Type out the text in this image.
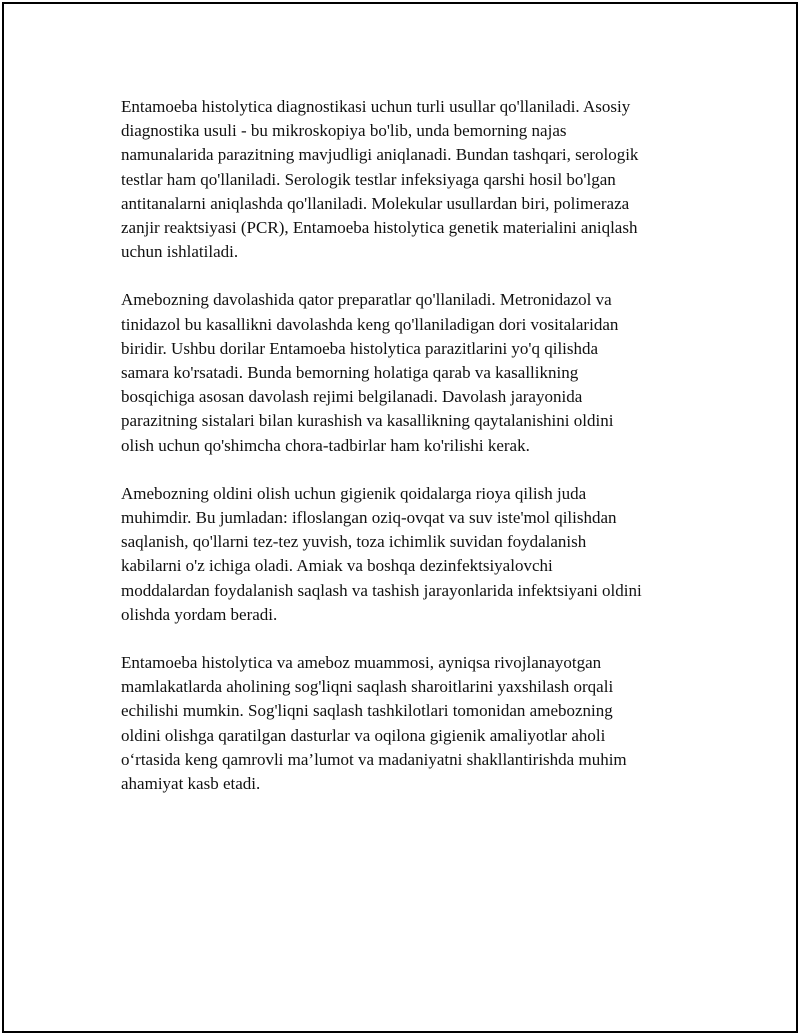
Entamoeba histolytica diagnostikasi uchun turli usullar qo'llaniladi. Asosiy
diagnostika usuli - bu mikroskopiya bo'lib, unda bemorning najas
namunalarida parazitning mavjudligi aniqlanadi. Bundan tashqari, serologik
testlar ham qo'llaniladi. Serologik testlar infeksiyaga qarshi hosil bo'lgan
antitanalarni aniqlashda qo'llaniladi. Molekular usullardan biri, polimeraza
zanjir reaktsiyasi (PCR), Entamoeba histolytica genetik materialini aniqlash
uchun ishlatiladi.

Amebozning davolashida qator preparatlar qo'llaniladi. Metronidazol va
tinidazol bu kasallikni davolashda keng qo'llaniladigan dori vositalaridan
biridir. Ushbu dorilar Entamoeba histolytica parazitlarini yo'q qilishda
samara ko'rsatadi. Bunda bemorning holatiga qarab va kasallikning
bosqichiga asosan davolash rejimi belgilanadi. Davolash jarayonida
parazitning sistalari bilan kurashish va kasallikning qaytalanishini oldini
olish uchun qo'shimcha chora-tadbirlar ham ko'rilishi kerak.

Amebozning oldini olish uchun gigienik qoidalarga rioya qilish juda
muhimdir. Bu jumladan: ifloslangan oziq-ovqat va suv iste'mol qilishdan
saqlanish, qo'llarni tez-tez yuvish, toza ichimlik suvidan foydalanish
kabilarni o'z ichiga oladi. Amiak va boshqa dezinfektsiyalovchi
moddalardan foydalanish saqlash va tashish jarayonlarida infektsiyani oldini
olishda yordam beradi.

Entamoeba histolytica va ameboz muammosi, ayniqsa rivojlanayotgan
mamlakatlarda aholining sog'liqni saqlash sharoitlarini yaxshilash orqali
echilishi mumkin. Sog'liqni saqlash tashkilotlari tomonidan amebozning
oldini olishga qaratilgan dasturlar va oqilona gigienik amaliyotlar aholi
o‘rtasida keng qamrovli ma’lumot va madaniyatni shakllantirishda muhim
ahamiyat kasb etadi.
